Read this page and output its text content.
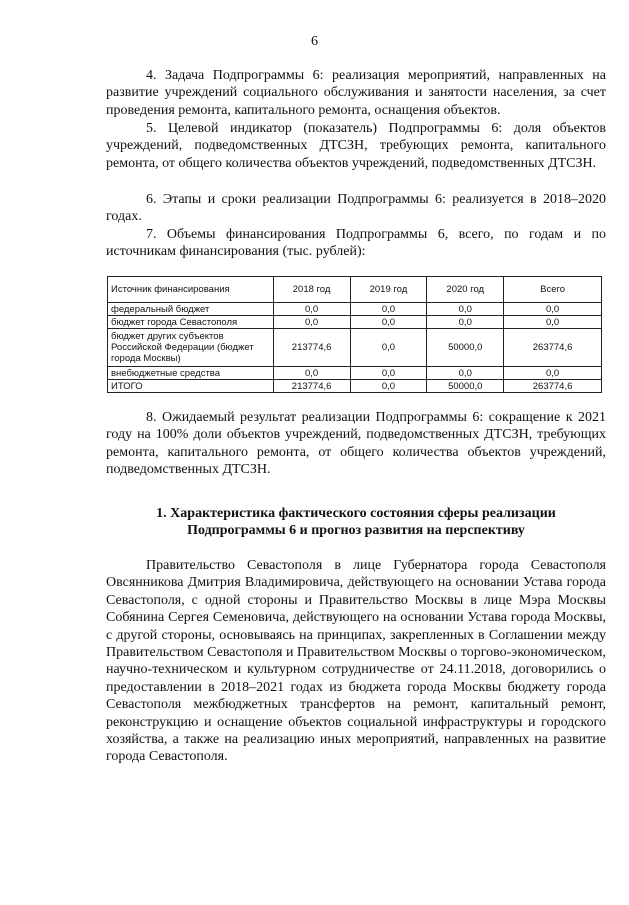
6
4. Задача Подпрограммы 6: реализация мероприятий, направленных на развитие учреждений социального обслуживания и занятости населения, за счет проведения ремонта, капитального ремонта, оснащения объектов.
5. Целевой индикатор (показатель) Подпрограммы 6: доля объектов учреждений, подведомственных ДТСЗН, требующих ремонта, капитального ремонта, от общего количества объектов учреждений, подведомственных ДТСЗН.
6. Этапы и сроки реализации Подпрограммы 6: реализуется в 2018–2020 годах.
7. Объемы финансирования Подпрограммы 6, всего, по годам и по источникам финансирования (тыс. рублей):
Источник финансирования	2018 год	2019 год	2020 год	Всего
федеральный бюджет	0,0	0,0	0,0	0,0
бюджет города Севастополя	0,0	0,0	0,0	0,0
бюджет других субъектов Российской Федерации (бюджет города Москвы)	213774,6	0,0	50000,0	263774,6
внебюджетные средства	0,0	0,0	0,0	0,0
ИТОГО	213774,6	0,0	50000,0	263774,6
8. Ожидаемый результат реализации Подпрограммы 6: сокращение к 2021 году на 100% доли объектов учреждений, подведомственных ДТСЗН, требующих ремонта, капитального ремонта, от общего количества объектов учреждений, подведомственных ДТСЗН.
1. Характеристика фактического состояния сферы реализации Подпрограммы 6 и прогноз развития на перспективу
Правительство Севастополя в лице Губернатора города Севастополя Овсянникова Дмитрия Владимировича, действующего на основании Устава города Севастополя, с одной стороны и Правительство Москвы в лице Мэра Москвы Собянина Сергея Семеновича, действующего на основании Устава города Москвы, с другой стороны, основываясь на принципах, закрепленных в Соглашении между Правительством Севастополя и Правительством Москвы о торгово-экономическом, научно-техническом и культурном сотрудничестве от 24.11.2018, договорились о предоставлении в 2018–2021 годах из бюджета города Москвы бюджету города Севастополя межбюджетных трансфертов на ремонт, капитальный ремонт, реконструкцию и оснащение объектов социальной инфраструктуры и городского хозяйства, а также на реализацию иных мероприятий, направленных на развитие города Севастополя.
